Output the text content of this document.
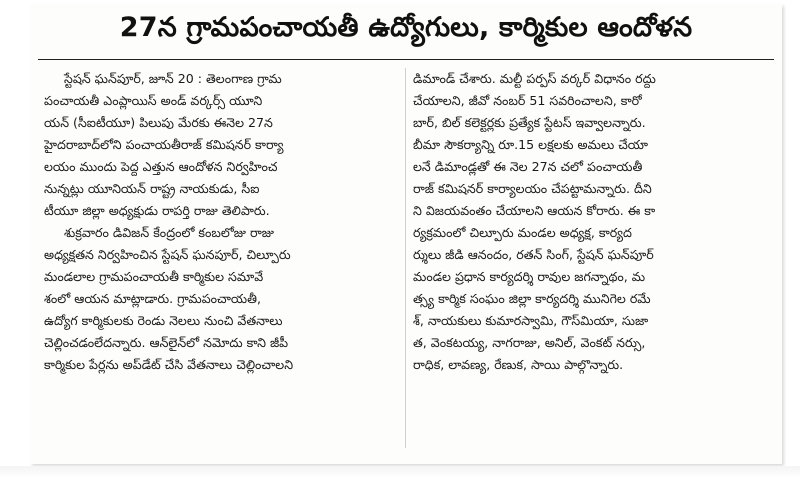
27న గ్రామపంచాయతీ ఉద్యోగులు, కార్మికుల ఆందోళన
స్టేషన్ ఘన్‌పూర్, జూన్ 20 : తెలంగాణ గ్రామ
పంచాయతీ ఎంప్లాయిస్ అండ్ వర్కర్స్ యూని
యన్ (సీఐటీయూ) పిలుపు మేరకు ఈనెల 27న
హైదరాబాద్‌లోని పంచాయతీరాజ్ కమిషనర్ కార్యా
లయం ముందు పెద్ద ఎత్తున ఆందోళన నిర్వహించ
నున్నట్లు యూనియన్ రాష్ట్ర నాయకుడు, సీఐ
టీయూ జిల్లా అధ్యక్షుడు రాపర్తి రాజు తెలిపారు.
శుక్రవారం డివిజన్ కేంద్రంలో కంబలోజు రాజు
అధ్యక్షతన నిర్వహించిన స్టేషన్ ఘనపూర్, చిల్పూరు
మండలాల గ్రామపంచాయతీ కార్మికుల సమావే
శంలో ఆయన మాట్లాడారు. గ్రామపంచాయతీ,
ఉద్యోగ కార్మికులకు రెండు నెలలు నుంచి వేతనాలు
చెల్లించడంలేదన్నారు. ఆన్‌లైన్‌లో నమోదు కాని జీపీ
కార్మికుల పేర్లను అప్‌డేట్ చేసి వేతనాలు చెల్లించాలని
డిమాండ్ చేశారు. మల్టీ పర్పస్ వర్కర్ విధానం రద్దు
చేయాలని, జీవో నంబర్ 51 సవరించాలని, కారో
బార్, బిల్ కలెక్టర్లకు ప్రత్యేక స్టేటస్ ఇవ్వాలన్నారు.
బీమా సౌకర్యాన్ని రూ.15 లక్షలకు అమలు చేయా
లనే డిమాండ్లతో ఈ నెల 27న చలో పంచాయతీ
రాజ్ కమిషనర్ కార్యాలయం చేపట్టామన్నారు. దీని
ని విజయవంతం చేయాలని ఆయన కోరారు. ఈ కా
ర్యక్రమంలో చిల్పూరు మండల అధ్యక్ష, కార్యద
ర్శులు జీడి ఆనందం, రతన్ సింగ్, స్టేషన్ ఘన్‌పూర్
మండల ప్రధాన కార్యదర్శి రావుల జగన్నాథం, మ
త్స్య కార్మిక సంఘం జిల్లా కార్యదర్శి మునిగెల రమే
శ్, నాయకులు కుమారస్వామి, గౌస్‌మియా, సుజా
త, వెంకటయ్య, నాగరాజు, అనిల్, వెంకట్ నర్సు,
రాధిక, లావణ్య, రేణుక, సాయి పాల్గొన్నారు.
